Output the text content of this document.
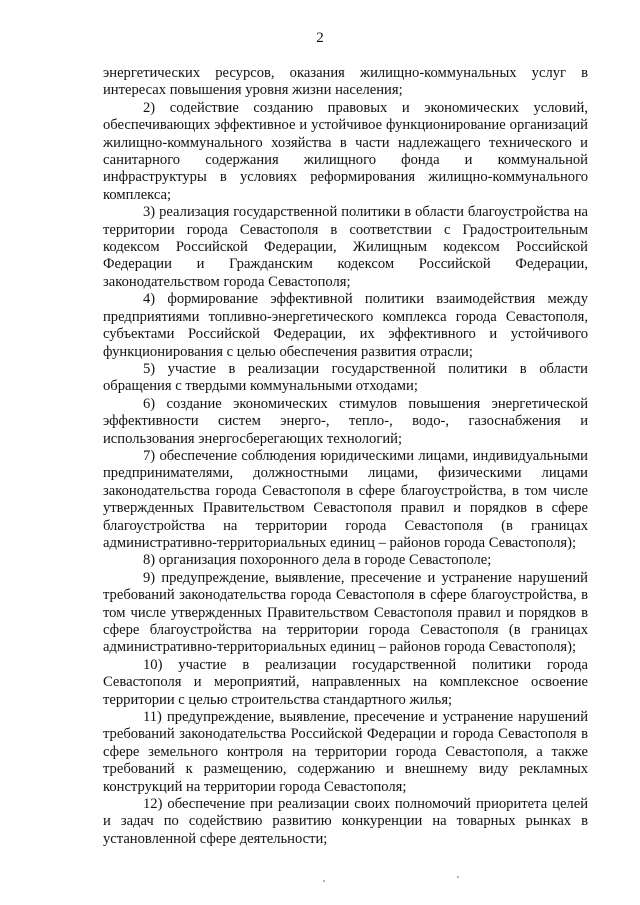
2

энергетических ресурсов, оказания жилищно-коммунальных услуг в интересах повышения уровня жизни населения;

2) содействие созданию правовых и экономических условий, обеспечивающих эффективное и устойчивое функционирование организаций жилищно-коммунального хозяйства в части надлежащего технического и санитарного содержания жилищного фонда и коммунальной инфраструктуры в условиях реформирования жилищно-коммунального комплекса;

3) реализация государственной политики в области благоустройства на территории города Севастополя в соответствии с Градостроительным кодексом Российской Федерации, Жилищным кодексом Российской Федерации и Гражданским кодексом Российской Федерации, законодательством города Севастополя;

4) формирование эффективной политики взаимодействия между предприятиями топливно-энергетического комплекса города Севастополя, субъектами Российской Федерации, их эффективного и устойчивого функционирования с целью обеспечения развития отрасли;

5) участие в реализации государственной политики в области обращения с твердыми коммунальными отходами;

6) создание экономических стимулов повышения энергетической эффективности систем энерго-, тепло-, водо-, газоснабжения и использования энергосберегающих технологий;

7) обеспечение соблюдения юридическими лицами, индивидуальными предпринимателями, должностными лицами, физическими лицами законодательства города Севастополя в сфере благоустройства, в том числе утвержденных Правительством Севастополя правил и порядков в сфере благоустройства на территории города Севастополя (в границах административно-территориальных единиц – районов города Севастополя);

8) организация похоронного дела в городе Севастополе;

9) предупреждение, выявление, пресечение и устранение нарушений требований законодательства города Севастополя в сфере благоустройства, в том числе утвержденных Правительством Севастополя правил и порядков в сфере благоустройства на территории города Севастополя (в границах административно-территориальных единиц – районов города Севастополя);

10) участие в реализации государственной политики города Севастополя и мероприятий, направленных на комплексное освоение территории с целью строительства стандартного жилья;

11) предупреждение, выявление, пресечение и устранение нарушений требований законодательства Российской Федерации и города Севастополя в сфере земельного контроля на территории города Севастополя, а также требований к размещению, содержанию и внешнему виду рекламных конструкций на территории города Севастополя;

12) обеспечение при реализации своих полномочий приоритета целей и задач по содействию развитию конкуренции на товарных рынках в установленной сфере деятельности;
